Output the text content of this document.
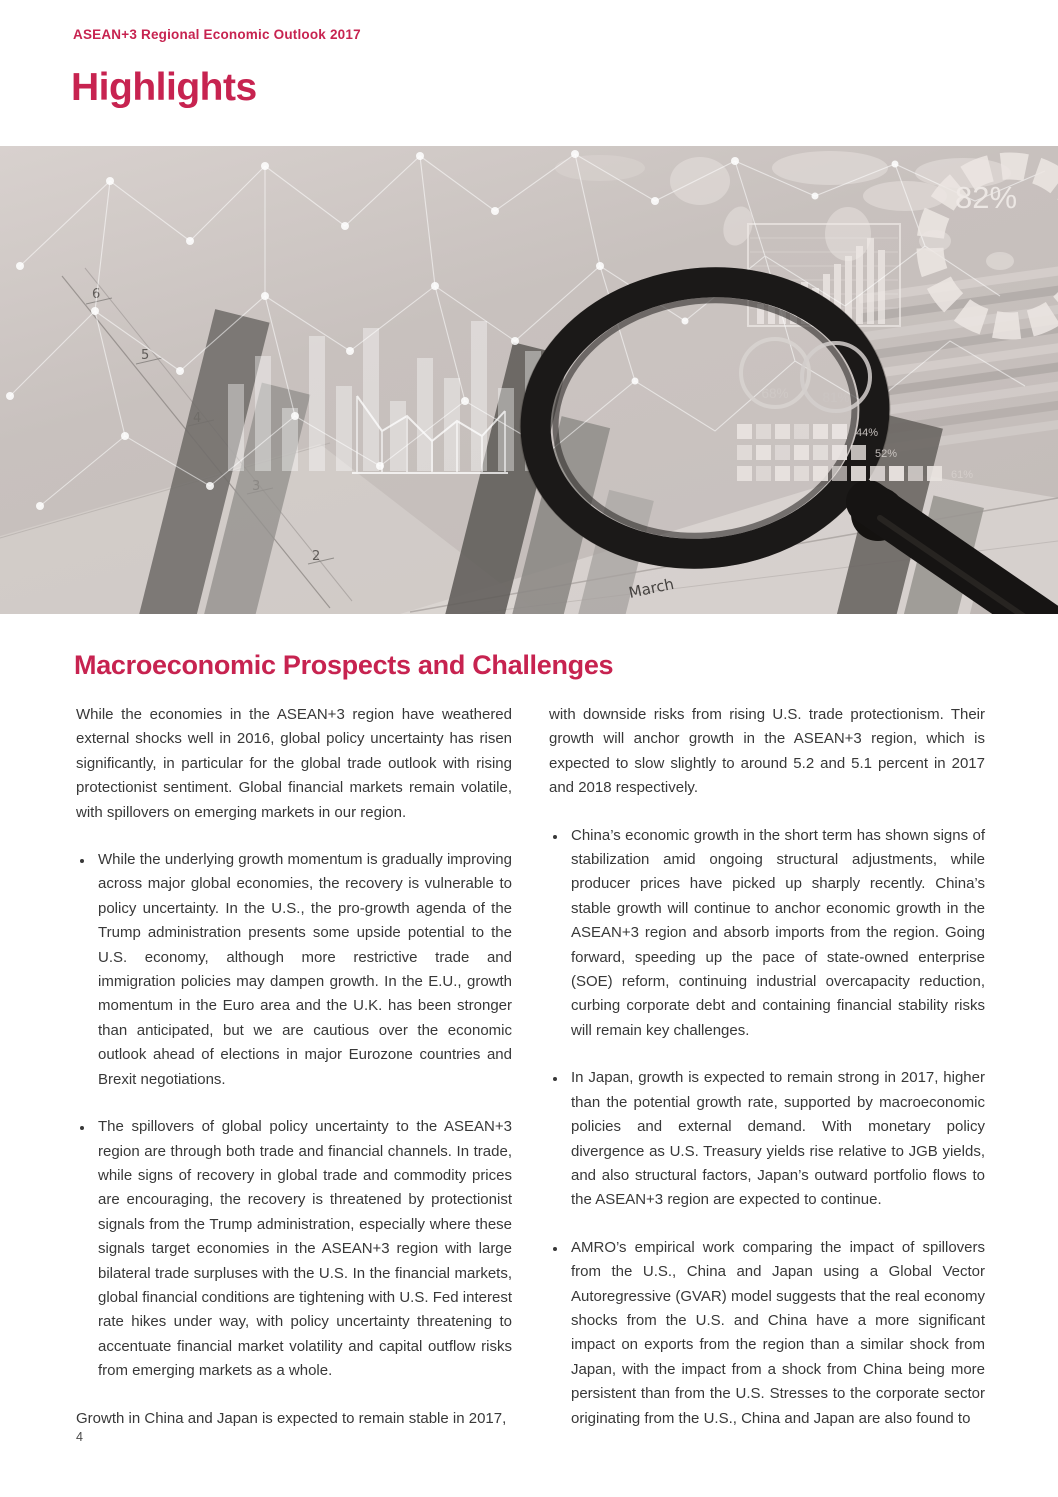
ASEAN+3 Regional Economic Outlook 2017
Highlights
6
5
2
82%
68%	81%
44%
52%
61%
March
Macroeconomic Prospects and Challenges

While the economies in the ASEAN+3 region have weathered external shocks well in 2016, global policy uncertainty has risen significantly, in particular for the global trade outlook with rising protectionist sentiment. Global financial markets remain volatile, with spillovers on emerging markets in our region.

While the underlying growth momentum is gradually improving across major global economies, the recovery is vulnerable to policy uncertainty. In the U.S., the pro-growth agenda of the Trump administration presents some upside potential to the U.S. economy, although more restrictive trade and immigration policies may dampen growth. In the E.U., growth momentum in the Euro area and the U.K. has been stronger than anticipated, but we are cautious over the economic outlook ahead of elections in major Eurozone countries and Brexit negotiations.

The spillovers of global policy uncertainty to the ASEAN+3 region are through both trade and financial channels. In trade, while signs of recovery in global trade and commodity prices are encouraging, the recovery is threatened by protectionist signals from the Trump administration, especially where these signals target economies in the ASEAN+3 region with large bilateral trade surpluses with the U.S. In the financial markets, global financial conditions are tightening with U.S. Fed interest rate hikes under way, with policy uncertainty threatening to accentuate financial market volatility and capital outflow risks from emerging markets as a whole.

Growth in China and Japan is expected to remain stable in 2017,

with downside risks from rising U.S. trade protectionism. Their growth will anchor growth in the ASEAN+3 region, which is expected to slow slightly to around 5.2 and 5.1 percent in 2017 and 2018 respectively.

China’s economic growth in the short term has shown signs of stabilization amid ongoing structural adjustments, while producer prices have picked up sharply recently. China’s stable growth will continue to anchor economic growth in the ASEAN+3 region and absorb imports from the region. Going forward, speeding up the pace of state-owned enterprise (SOE) reform, continuing industrial overcapacity reduction, curbing corporate debt and containing financial stability risks will remain key challenges.

In Japan, growth is expected to remain strong in 2017, higher than the potential growth rate, supported by macroeconomic policies and external demand. With monetary policy divergence as U.S. Treasury yields rise relative to JGB yields, and also structural factors, Japan’s outward portfolio flows to the ASEAN+3 region are expected to continue.

AMRO’s empirical work comparing the impact of spillovers from the U.S., China and Japan using a Global Vector Autoregressive (GVAR) model suggests that the real economy shocks from the U.S. and China have a more significant impact on exports from the region than a similar shock from Japan, with the impact from a shock from China being more persistent than from the U.S. Stresses to the corporate sector originating from the U.S., China and Japan are also found to

4
